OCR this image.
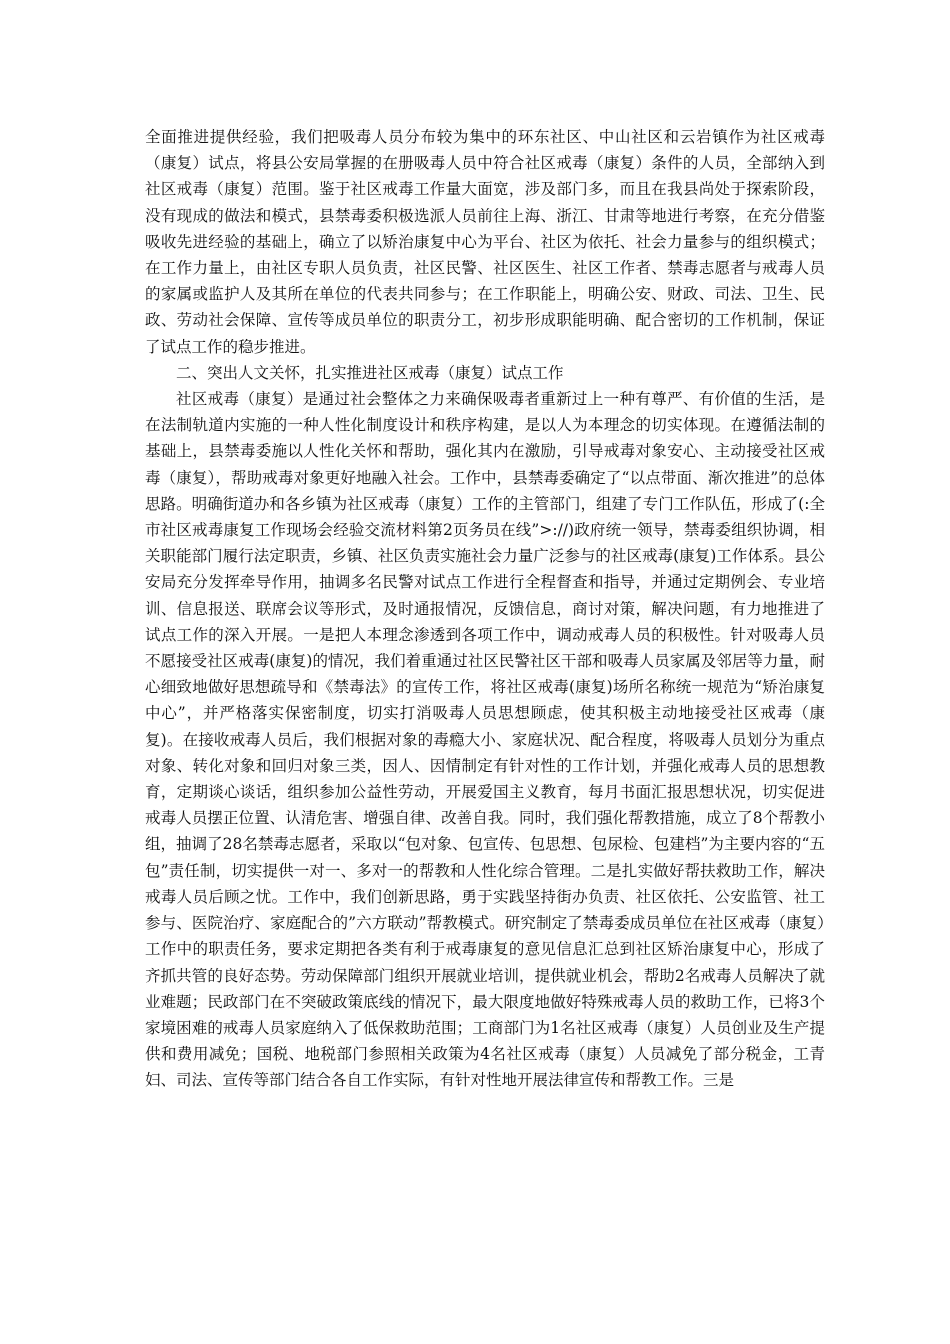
全面推进提供经验，我们把吸毒人员分布较为集中的环东社区、中山社区和云岩镇作为社区戒毒（康复）试点，将县公安局掌握的在册吸毒人员中符合社区戒毒（康复）条件的人员，全部纳入到社区戒毒（康复）范围。鉴于社区戒毒工作量大面宽，涉及部门多，而且在我县尚处于探索阶段，没有现成的做法和模式，县禁毒委积极选派人员前往上海、浙江、甘肃等地进行考察，在充分借鉴吸收先进经验的基础上，确立了以矫治康复中心为平台、社区为依托、社会力量参与的组织模式；在工作力量上，由社区专职人员负责，社区民警、社区医生、社区工作者、禁毒志愿者与戒毒人员的家属或监护人及其所在单位的代表共同参与；在工作职能上，明确公安、财政、司法、卫生、民政、劳动社会保障、宣传等成员单位的职责分工，初步形成职能明确、配合密切的工作机制，保证了试点工作的稳步推进。

二、突出人文关怀，扎实推进社区戒毒（康复）试点工作

社区戒毒（康复）是通过社会整体之力来确保吸毒者重新过上一种有尊严、有价值的生活，是在法制轨道内实施的一种人性化制度设计和秩序构建，是以人为本理念的切实体现。在遵循法制的基础上，县禁毒委施以人性化关怀和帮助，强化其内在激励，引导戒毒对象安心、主动接受社区戒毒（康复），帮助戒毒对象更好地融入社会。工作中，县禁毒委确定了“以点带面、渐次推进”的总体思路。明确街道办和各乡镇为社区戒毒（康复）工作的主管部门，组建了专门工作队伍，形成了(:全市社区戒毒康复工作现场会经验交流材料第2页务员在线”>://)政府统一领导，禁毒委组织协调，相关职能部门履行法定职责，乡镇、社区负责实施社会力量广泛参与的社区戒毒(康复)工作体系。县公安局充分发挥牵导作用，抽调多名民警对试点工作进行全程督查和指导，并通过定期例会、专业培训、信息报送、联席会议等形式，及时通报情况，反馈信息，商讨对策，解决问题，有力地推进了试点工作的深入开展。一是把人本理念渗透到各项工作中，调动戒毒人员的积极性。针对吸毒人员不愿接受社区戒毒(康复)的情况，我们着重通过社区民警社区干部和吸毒人员家属及邻居等力量，耐心细致地做好思想疏导和《禁毒法》的宣传工作，将社区戒毒(康复)场所名称统一规范为“矫治康复中心”，并严格落实保密制度，切实打消吸毒人员思想顾虑，使其积极主动地接受社区戒毒（康复)。在接收戒毒人员后，我们根据对象的毒瘾大小、家庭状况、配合程度，将吸毒人员划分为重点对象、转化对象和回归对象三类，因人、因情制定有针对性的工作计划，并强化戒毒人员的思想教育，定期谈心谈话，组织参加公益性劳动，开展爱国主义教育，每月书面汇报思想状况，切实促进戒毒人员摆正位置、认清危害、增强自律、改善自我。同时，我们强化帮教措施，成立了8个帮教小组，抽调了28名禁毒志愿者，采取以“包对象、包宣传、包思想、包尿检、包建档”为主要内容的“五包”责任制，切实提供一对一、多对一的帮教和人性化综合管理。二是扎实做好帮扶救助工作，解决戒毒人员后顾之忧。工作中，我们创新思路，勇于实践坚持街办负责、社区依托、公安监管、社工参与、医院治疗、家庭配合的”六方联动”帮教模式。研究制定了禁毒委成员单位在社区戒毒（康复）工作中的职责任务，要求定期把各类有利于戒毒康复的意见信息汇总到社区矫治康复中心，形成了齐抓共管的良好态势。劳动保障部门组织开展就业培训，提供就业机会，帮助2名戒毒人员解决了就业难题；民政部门在不突破政策底线的情况下，最大限度地做好特殊戒毒人员的救助工作，已将3个家境困难的戒毒人员家庭纳入了低保救助范围；工商部门为1名社区戒毒（康复）人员创业及生产提供和费用减免；国税、地税部门参照相关政策为4名社区戒毒（康复）人员减免了部分税金，工青妇、司法、宣传等部门结合各自工作实际，有针对性地开展法律宣传和帮教工作。三是
